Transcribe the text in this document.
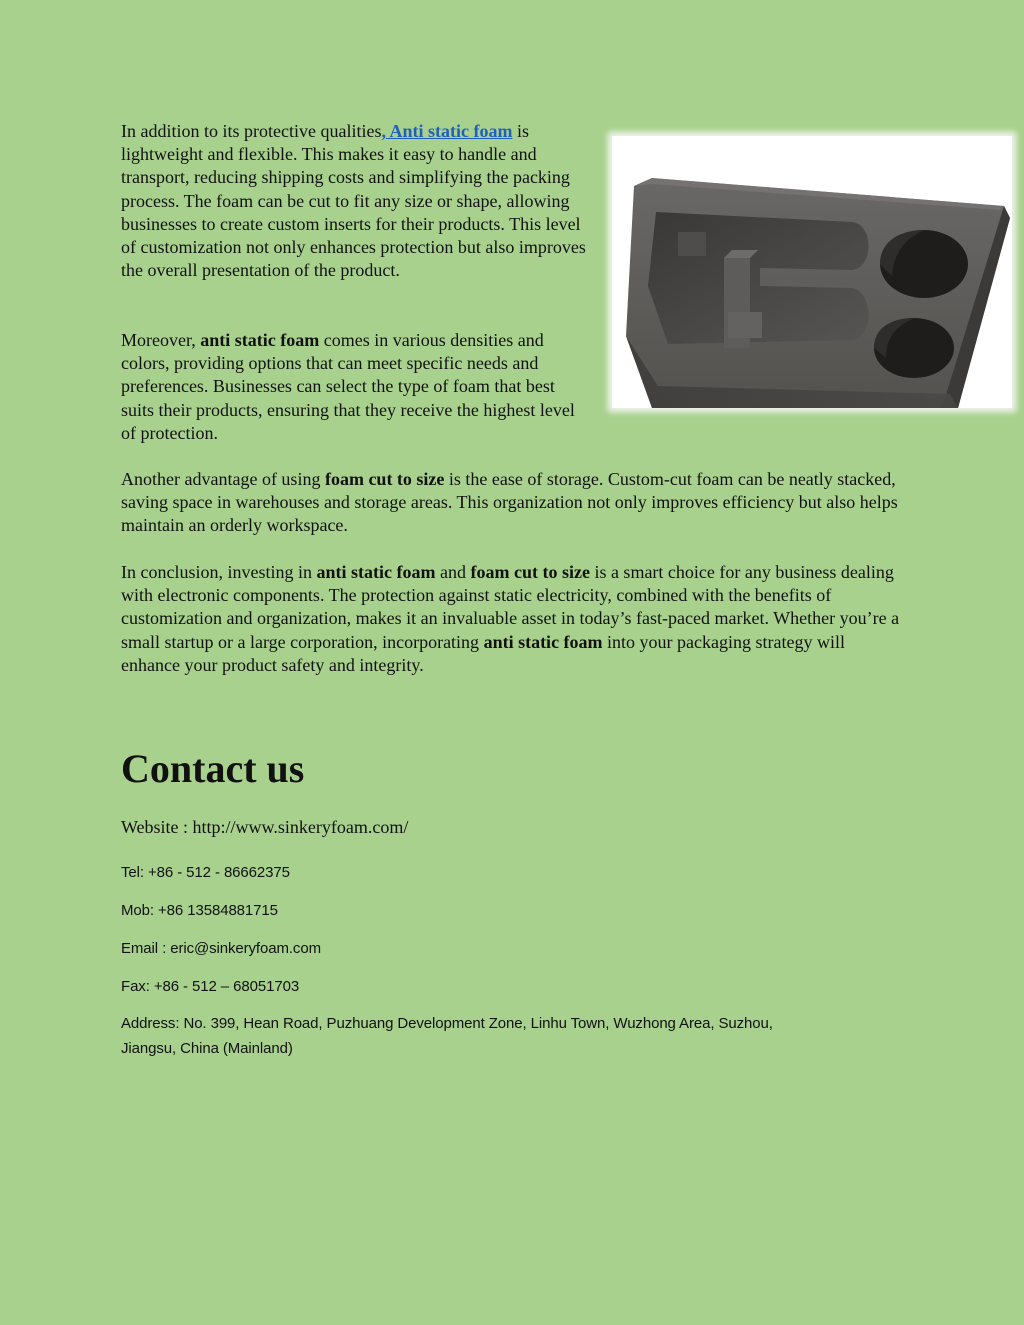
In addition to its protective qualities, Anti static foam is lightweight and flexible. This makes it easy to handle and transport, reducing shipping costs and simplifying the packing process. The foam can be cut to fit any size or shape, allowing businesses to create custom inserts for their products. This level of customization not only enhances protection but also improves the overall presentation of the product.

Moreover, anti static foam comes in various densities and colors, providing options that can meet specific needs and preferences. Businesses can select the type of foam that best suits their products, ensuring that they receive the highest level of protection.

Another advantage of using foam cut to size is the ease of storage. Custom-cut foam can be neatly stacked, saving space in warehouses and storage areas. This organization not only improves efficiency but also helps maintain an orderly workspace.

In conclusion, investing in anti static foam and foam cut to size is a smart choice for any business dealing with electronic components. The protection against static electricity, combined with the benefits of customization and organization, makes it an invaluable asset in today’s fast-paced market. Whether you’re a small startup or a large corporation, incorporating anti static foam into your packaging strategy will enhance your product safety and integrity.

Contact us
Website : http://www.sinkeryfoam.com/
Tel: +86 - 512 - 86662375
Mob: +86 13584881715
Email : eric@sinkeryfoam.com
Fax: +86 - 512 – 68051703
Address: No. 399, Hean Road, Puzhuang Development Zone, Linhu Town, Wuzhong Area, Suzhou,
Jiangsu, China (Mainland)
